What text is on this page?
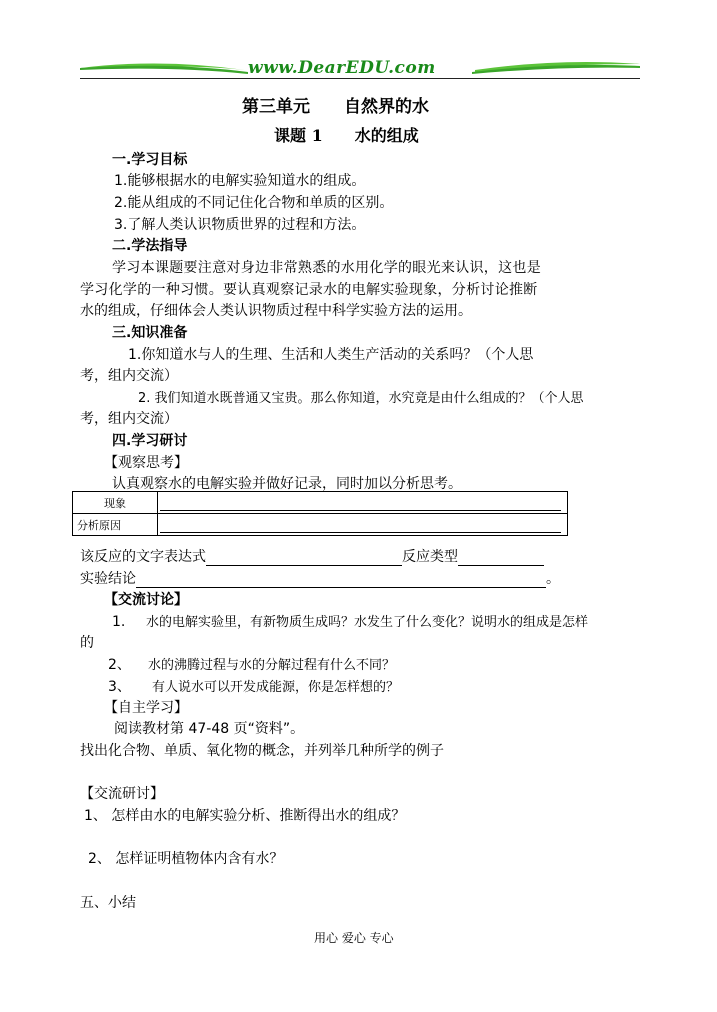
www.DearEDU.com
第三单元　　自然界的水
课题 1　　水的组成
一.学习目标
1.能够根据水的电解实验知道水的组成。
2.能从组成的不同记住化合物和单质的区别。
3.了解人类认识物质世界的过程和方法。
二.学法指导
学习本课题要注意对身边非常熟悉的水用化学的眼光来认识，这也是
学习化学的一种习惯。要认真观察记录水的电解实验现象，分析讨论推断
水的组成，仔细体会人类认识物质过程中科学实验方法的运用。
三.知识准备
1.你知道水与人的生理、生活和人类生产活动的关系吗？（个人思
考，组内交流）
2. 我们知道水既普通又宝贵。那么你知道，水究竟是由什么组成的？（个人思
考，组内交流）
四.学习研讨
【观察思考】
认真观察水的电解实验并做好记录，同时加以分析思考。
现象	

分析原因	
该反应的文字表达式	反应类型
实验结论	。
【交流讨论】
1. 水的电解实验里，有新物质生成吗？水发生了什么变化？说明水的组成是怎样
的
2、 水的沸腾过程与水的分解过程有什么不同？
3、 有人说水可以开发成能源，你是怎样想的？
【自主学习】
阅读教材第 47-48 页“资料”。
找出化合物、单质、氧化物的概念，并列举几种所学的例子
【交流研讨】
1、 怎样由水的电解实验分析、推断得出水的组成？
2、 怎样证明植物体内含有水？
五、小结
用心 爱心 专心
